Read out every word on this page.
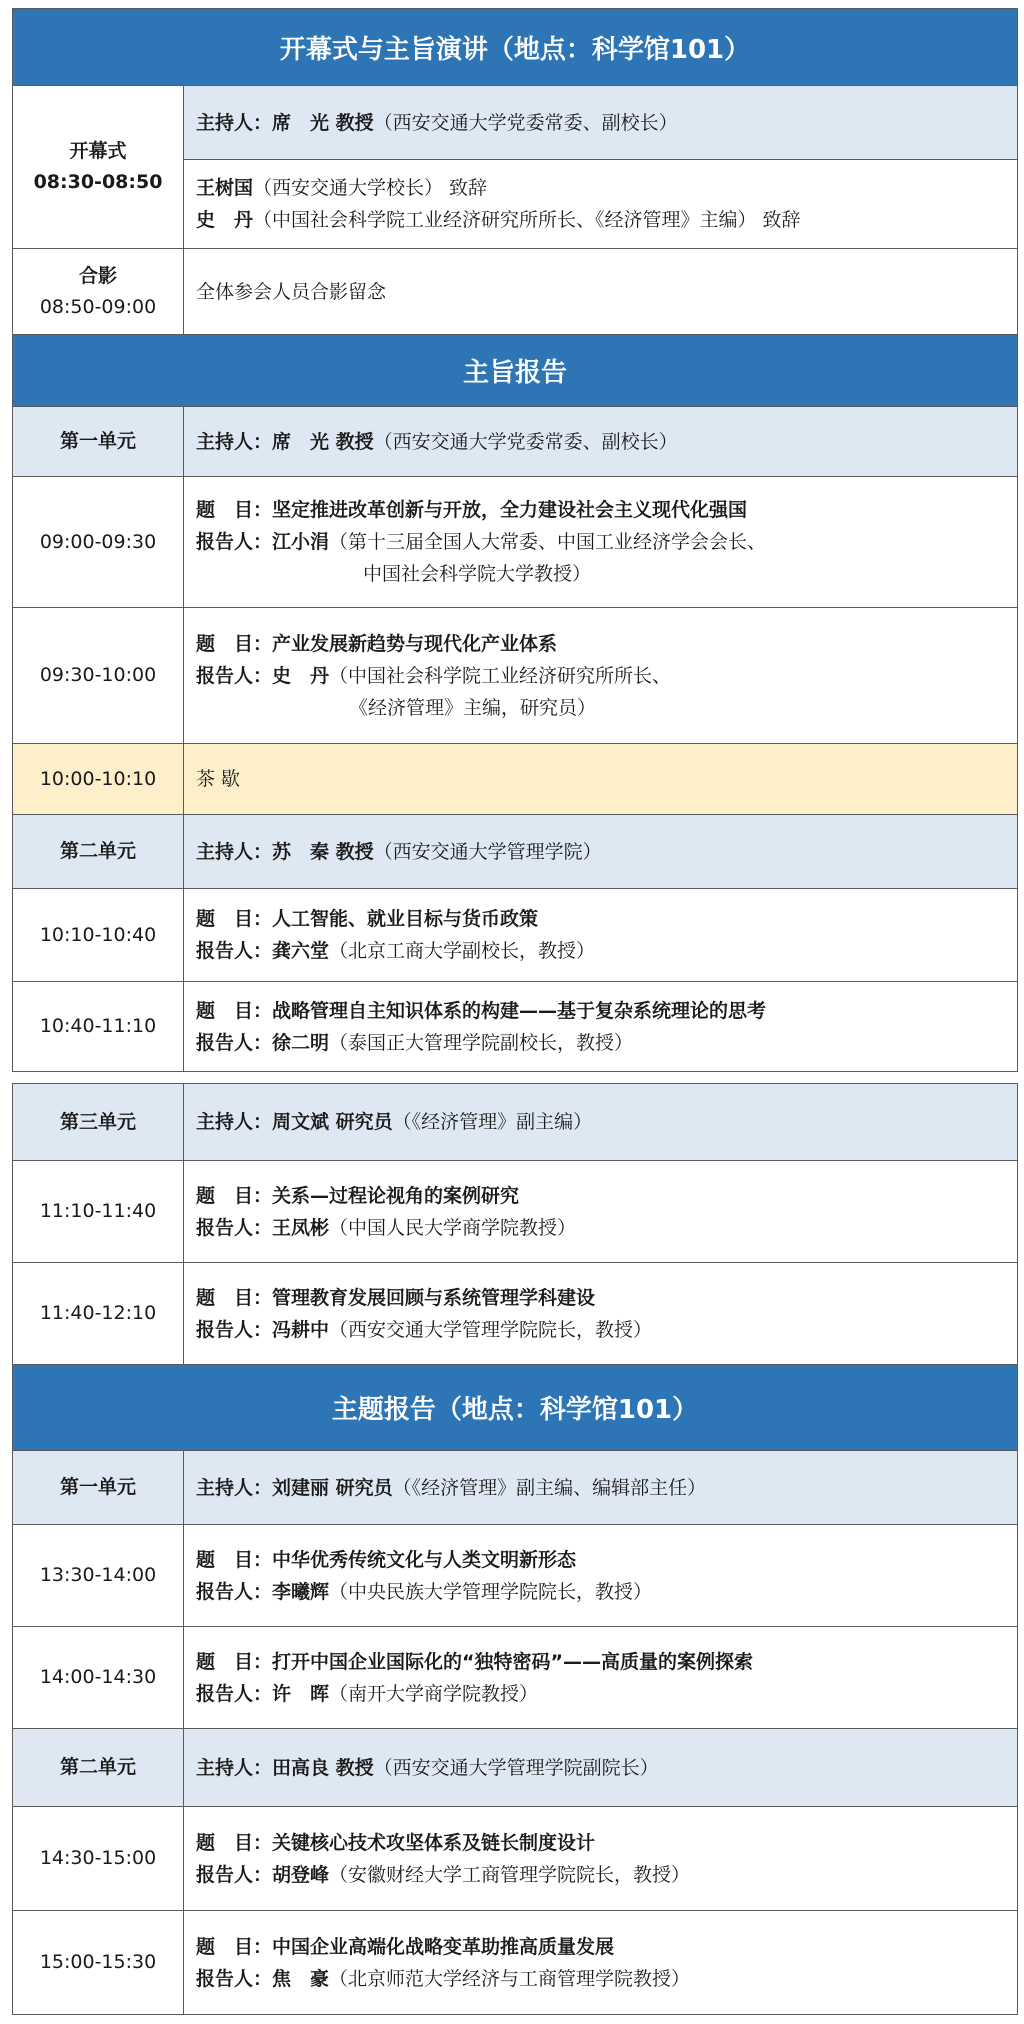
开幕式与主旨演讲（地点：科学馆101）	

开幕式
08:30-08:50	主持人：席　光 教授（西安交通大学党委常委、副校长）

	王树国（西安交通大学校长） 致辞
史　丹（中国社会科学院工业经济研究所所长、《经济管理》主编） 致辞

合影
08:50-09:00	全体参会人员合影留念
主旨报告	
第一单元	主持人：席　光 教授（西安交通大学党委常委、副校长）

09:00-09:30	题　目：坚定推进改革创新与开放，全力建设社会主义现代化强国
报告人：江小涓（第十三届全国人大常委、中国工业经济学会会长、
中国社会科学院大学教授）

09:30-10:00	题　目：产业发展新趋势与现代化产业体系
报告人：史　丹（中国社会科学院工业经济研究所所长、
《经济管理》主编，研究员）

10:00-10:10	茶 歇
第二单元	主持人：苏　秦 教授（西安交通大学管理学院）

10:10-10:40	题　目：人工智能、就业目标与货币政策
报告人：龚六堂（北京工商大学副校长，教授）

10:40-11:10	题　目：战略管理自主知识体系的构建——基于复杂系统理论的思考
报告人：徐二明（泰国正大管理学院副校长，教授）
第三单元	主持人：周文斌 研究员（《经济管理》副主编）

11:10-11:40	题　目：关系—过程论视角的案例研究
报告人：王凤彬（中国人民大学商学院教授）

11:40-12:10	题　目：管理教育发展回顾与系统管理学科建设
报告人：冯耕中（西安交通大学管理学院院长，教授）

主题报告（地点：科学馆101）	
第一单元	主持人：刘建丽 研究员（《经济管理》副主编、编辑部主任）

13:30-14:00	题　目：中华优秀传统文化与人类文明新形态
报告人：李曦辉（中央民族大学管理学院院长，教授）

14:00-14:30	题　目：打开中国企业国际化的“独特密码”——高质量的案例探索
报告人：许　晖（南开大学商学院教授）

第二单元	主持人：田高良 教授（西安交通大学管理学院副院长）

14:30-15:00	题　目：关键核心技术攻坚体系及链长制度设计
报告人：胡登峰（安徽财经大学工商管理学院院长，教授）

15:00-15:30	题　目：中国企业高端化战略变革助推高质量发展
报告人：焦　豪（北京师范大学经济与工商管理学院教授）
